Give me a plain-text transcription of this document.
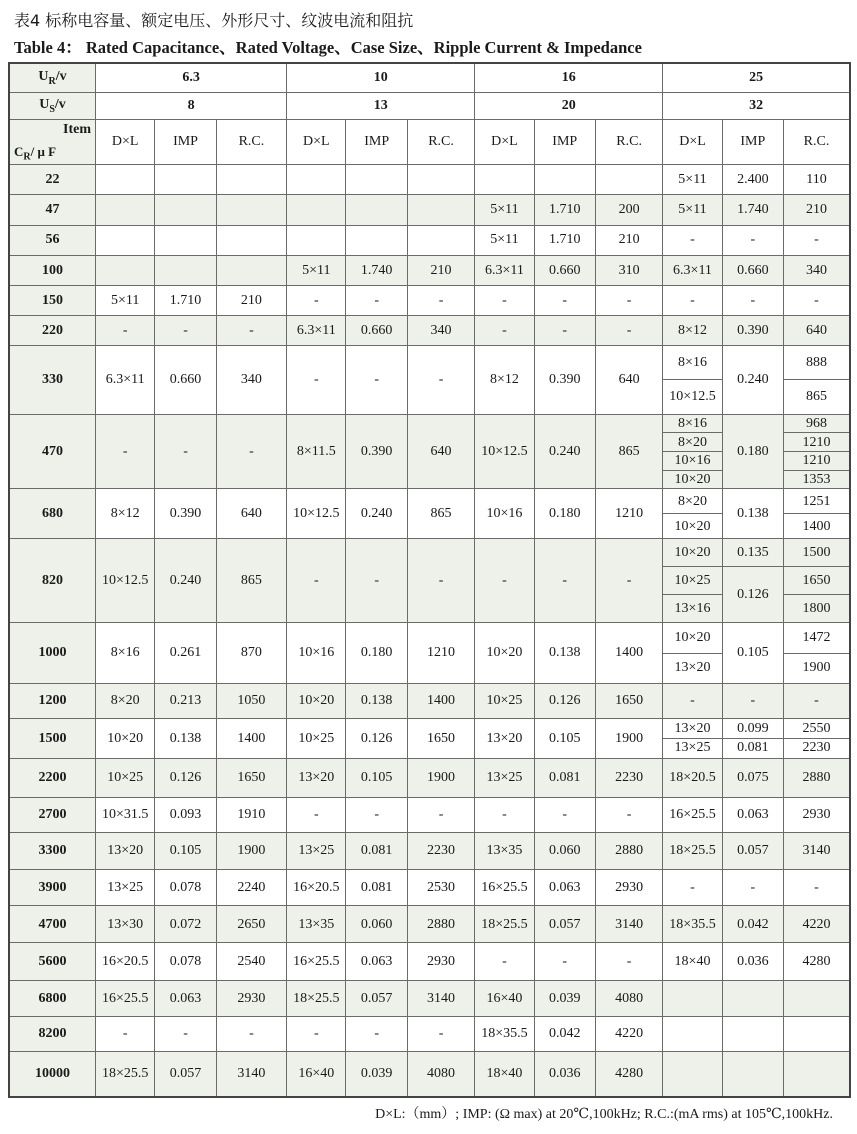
表4 标称电容量、额定电压、外形尺寸、纹波电流和阻抗
Table 4： Rated Capacitance、Rated Voltage、Case Size、Ripple Current & Impedance
$U_R/v$	6.3			10			16			25		
$U_S/v$	8			13			20			32		

Item
$C_R/$ μ F	D×L	IMP	R.C.	D×L	IMP	R.C.	D×L	IMP	R.C.	D×L	IMP	R.C.
22										5×11	2.400	110
47							5×11	1.710	200	5×11	1.740	210
56							5×11	1.710	210	-	-	-
100				5×11	1.740	210	6.3×11	0.660	310	6.3×11	0.660	340
150	5×11	1.710	210	-	-	-	-	-	-	-	-	-
220	-	-	-	6.3×11	0.660	340	-	-	-	8×12	0.390	640
330	6.3×11	0.660	340	-	-	-	8×12	0.390	640	8×16	0.240	888
										10×12.5		865
470	-	-	-	8×11.5	0.390	640	10×12.5	0.240	865	8×16	0.180	968
										8×20		1210
										10×16		1210
										10×20		1353
680	8×12	0.390	640	10×12.5	0.240	865	10×16	0.180	1210	8×20	0.138	1251
										10×20		1400
820	10×12.5	0.240	865	-	-	-	-	-	-	10×20	0.135	1500
										10×25	0.126	1650
										13×16		1800
1000	8×16	0.261	870	10×16	0.180	1210	10×20	0.138	1400	10×20	0.105	1472
										13×20		1900
1200	8×20	0.213	1050	10×20	0.138	1400	10×25	0.126	1650	-	-	-
1500	10×20	0.138	1400	10×25	0.126	1650	13×20	0.105	1900	13×20	0.099	2550
										13×25	0.081	2230
2200	10×25	0.126	1650	13×20	0.105	1900	13×25	0.081	2230	18×20.5	0.075	2880
2700	10×31.5	0.093	1910	-	-	-	-	-	-	16×25.5	0.063	2930
3300	13×20	0.105	1900	13×25	0.081	2230	13×35	0.060	2880	18×25.5	0.057	3140
3900	13×25	0.078	2240	16×20.5	0.081	2530	16×25.5	0.063	2930	-	-	-
4700	13×30	0.072	2650	13×35	0.060	2880	18×25.5	0.057	3140	18×35.5	0.042	4220
5600	16×20.5	0.078	2540	16×25.5	0.063	2930	-	-	-	18×40	0.036	4280
6800	16×25.5	0.063	2930	18×25.5	0.057	3140	16×40	0.039	4080			
8200	-	-	-	-	-	-	18×35.5	0.042	4220			
10000	18×25.5	0.057	3140	16×40	0.039	4080	18×40	0.036	4280			
D×L:（mm）; IMP: (Ω max) at 20℃,100kHz; R.C.:(mA rms) at 105℃,100kHz.
